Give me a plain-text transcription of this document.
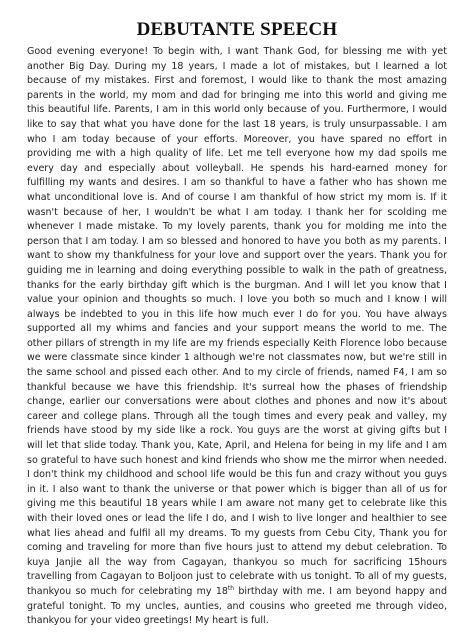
DEBUTANTE SPEECH

Good evening everyone! To begin with, I want Thank God, for blessing me with yet another Big Day. During my 18 years, I made a lot of mistakes, but I learned a lot because of my mistakes. First and foremost, I would like to thank the most amazing parents in the world, my mom and dad for bringing me into this world and giving me this beautiful life. Parents, I am in this world only because of you. Furthermore, I would like to say that what you have done for the last 18 years, is truly unsurpassable. I am who I am today because of your efforts. Moreover, you have spared no effort in providing me with a high quality of life. Let me tell everyone how my dad spoils me every day and especially about volleyball. He spends his hard-earned money for fulfilling my wants and desires. I am so thankful to have a father who has shown me what unconditional love is. And of course I am thankful of how strict my mom is. If it wasn't because of her, I wouldn't be what I am today. I thank her for scolding me whenever I made mistake. To my lovely parents, thank you for molding me into the person that I am today. I am so blessed and honored to have you both as my parents. I want to show my thankfulness for your love and support over the years. Thank you for guiding me in learning and doing everything possible to walk in the path of greatness, thanks for the early birthday gift which is the burgman. And I will let you know that I value your opinion and thoughts so much. I love you both so much and I know I will always be indebted to you in this life how much ever I do for you. You have always supported all my whims and fancies and your support means the world to me. The other pillars of strength in my life are my friends especially Keith Florence lobo because we were classmate since kinder 1 although we're not classmates now, but we're still in the same school and pissed each other. And to my circle of friends, named F4, I am so thankful because we have this friendship. It's surreal how the phases of friendship change, earlier our conversations were about clothes and phones and now it's about career and college plans. Through all the tough times and every peak and valley, my friends have stood by my side like a rock. You guys are the worst at giving gifts but I will let that slide today. Thank you, Kate, April, and Helena for being in my life and I am so grateful to have such honest and kind friends who show me the mirror when needed. I don't think my childhood and school life would be this fun and crazy without you guys in it. I also want to thank the universe or that power which is bigger than all of us for giving me this beautiful 18 years while I am aware not many get to celebrate like this with their loved ones or lead the life I do, and I wish to live longer and healthier to see what lies ahead and fulfil all my dreams. To my guests from Cebu City, Thank you for coming and traveling for more than five hours just to attend my debut celebration. To kuya Janjie all the way from Cagayan, thankyou so much for sacrificing 15hours travelling from Cagayan to Boljoon just to celebrate with us tonight. To all of my guests, thankyou so much for celebrating my 18th birthday with me. I am beyond happy and grateful tonight. To my uncles, aunties, and cousins who greeted me through video, thankyou for your video greetings! My heart is full.
